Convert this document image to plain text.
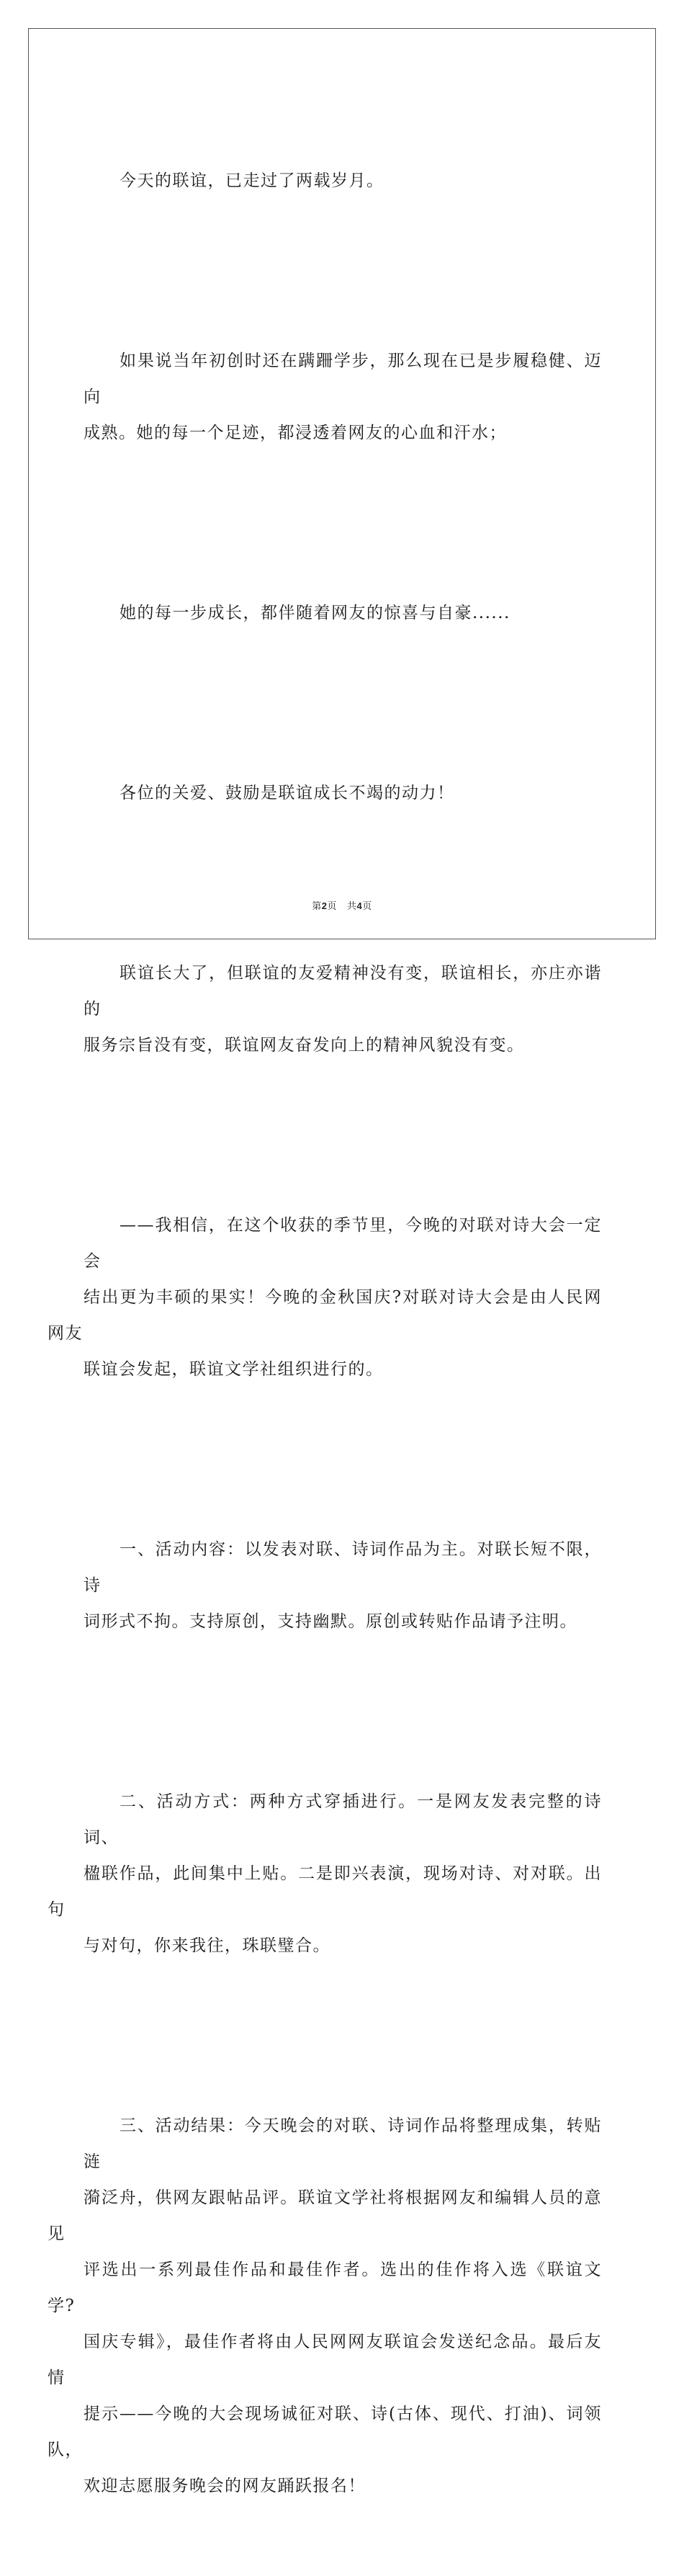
今天的联谊，已走过了两载岁月。

如果说当年初创时还在蹒跚学步，那么现在已是步履稳健、迈向
成熟。她的每一个足迹，都浸透着网友的心血和汗水；

她的每一步成长，都伴随着网友的惊喜与自豪......

各位的关爱、鼓励是联谊成长不竭的动力！

联谊长大了，但联谊的友爱精神没有变，联谊相长，亦庄亦谐的
服务宗旨没有变，联谊网友奋发向上的精神风貌没有变。

——我相信，在这个收获的季节里，今晚的对联对诗大会一定会
结出更为丰硕的果实！今晚的金秋国庆?对联对诗大会是由人民网网友
联谊会发起，联谊文学社组织进行的。

一、活动内容：以发表对联、诗词作品为主。对联长短不限，诗
词形式不拘。支持原创，支持幽默。原创或转贴作品请予注明。

二、活动方式：两种方式穿插进行。一是网友发表完整的诗词、
楹联作品，此间集中上贴。二是即兴表演，现场对诗、对对联。出句
与对句，你来我往，珠联璧合。

三、活动结果：今天晚会的对联、诗词作品将整理成集，转贴涟
漪泛舟，供网友跟帖品评。联谊文学社将根据网友和编辑人员的意见
评选出一系列最佳作品和最佳作者。选出的佳作将入选《联谊文学?
国庆专辑》，最佳作者将由人民网网友联谊会发送纪念品。最后友情
提示——今晚的大会现场诚征对联、诗(古体、现代、打油)、词领队，
欢迎志愿服务晚会的网友踊跃报名！

第2页 共4页
